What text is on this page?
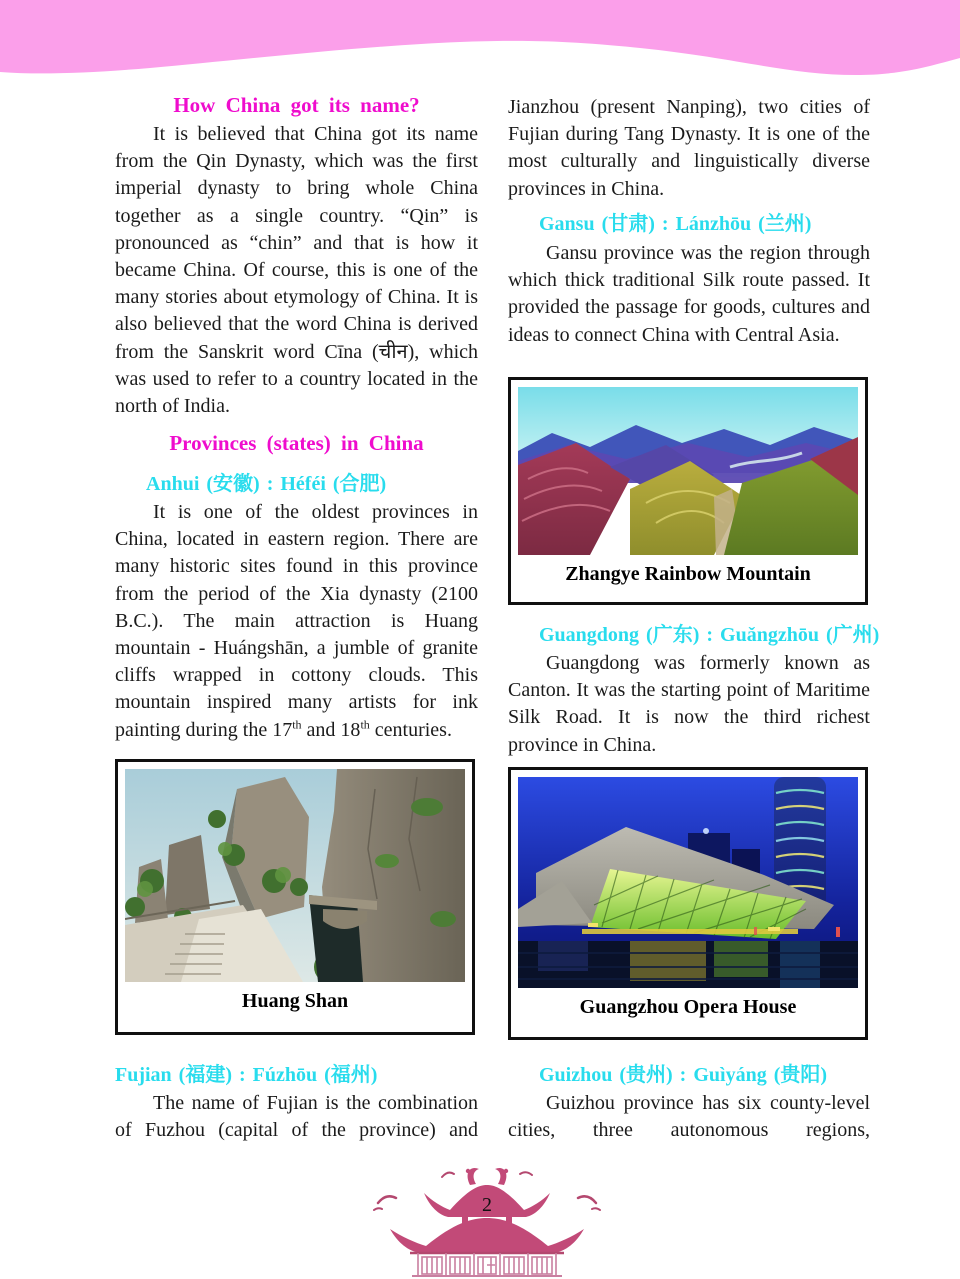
How China got its name?
It is believed that China got its name from the Qin Dynasty, which was the first imperial dynasty to bring whole China together as a single country. “Qin” is pronounced as “chin” and that is how it became China. Of course, this is one of the many stories about etymology of China. It is also believed that the word China is derived from the Sanskrit word Cīna (चीन), which was used to refer to a country located in the north of India.
Provinces (states) in China
Anhui (安徽) : Héféi (合肥)
It is one of the oldest provinces in China, located in eastern region. There are many historic sites found in this province from the period of the Xia dynasty (2100 B.C.). The main attraction is Huang mountain - Huángshān, a jumble of granite cliffs wrapped in cottony clouds. This mountain inspired many artists for ink painting during the 17th and 18th centuries.
Huang Shan
Fujian (福建) : Fúzhōu (福州)
The name of Fujian is the combination of Fuzhou (capital of the province) and
Jianzhou (present Nanping), two cities of Fujian during Tang Dynasty. It is one of the most culturally and linguistically diverse provinces in China.
Gansu (甘肃) : Lánzhōu (兰州)
Gansu province was the region through which thick traditional Silk route passed. It provided the passage for goods, cultures and ideas to connect China with Central Asia.
Zhangye Rainbow Mountain
Guangdong (广东) : Guǎngzhōu (广州)
Guangdong was formerly known as Canton. It was the starting point of Maritime Silk Road. It is now the third richest province in China.
Guangzhou Opera House
Guizhou (贵州) : Guìyáng (贵阳)
Guizhou province has six county-level cities, three autonomous regions,
2
